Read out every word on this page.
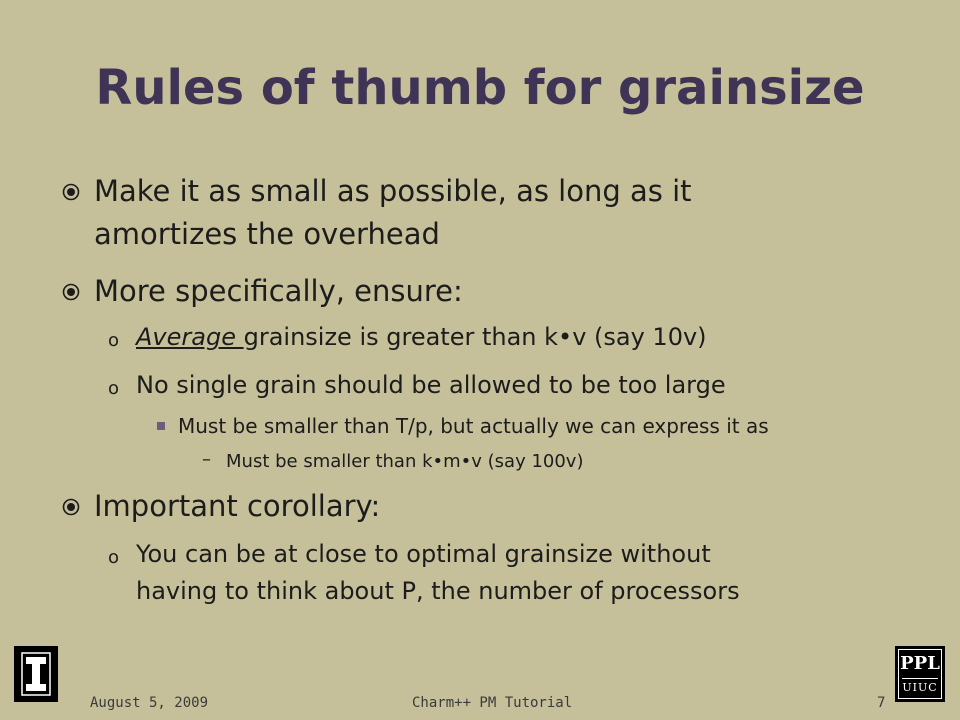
Rules of thumb for grainsize
Make it as small as possible, as long as it
amortizes the overhead
More specifically, ensure:
o Average grainsize is greater than k•v (say 10v)
o No single grain should be allowed to be too large
Must be smaller than T/p, but actually we can express it as
– Must be smaller than k•m•v (say 100v)
Important corollary:
o You can be at close to optimal grainsize without
having to think about P, the number of processors
August 5, 2009	Charm++ PM Tutorial	7
PPL
UIUC
